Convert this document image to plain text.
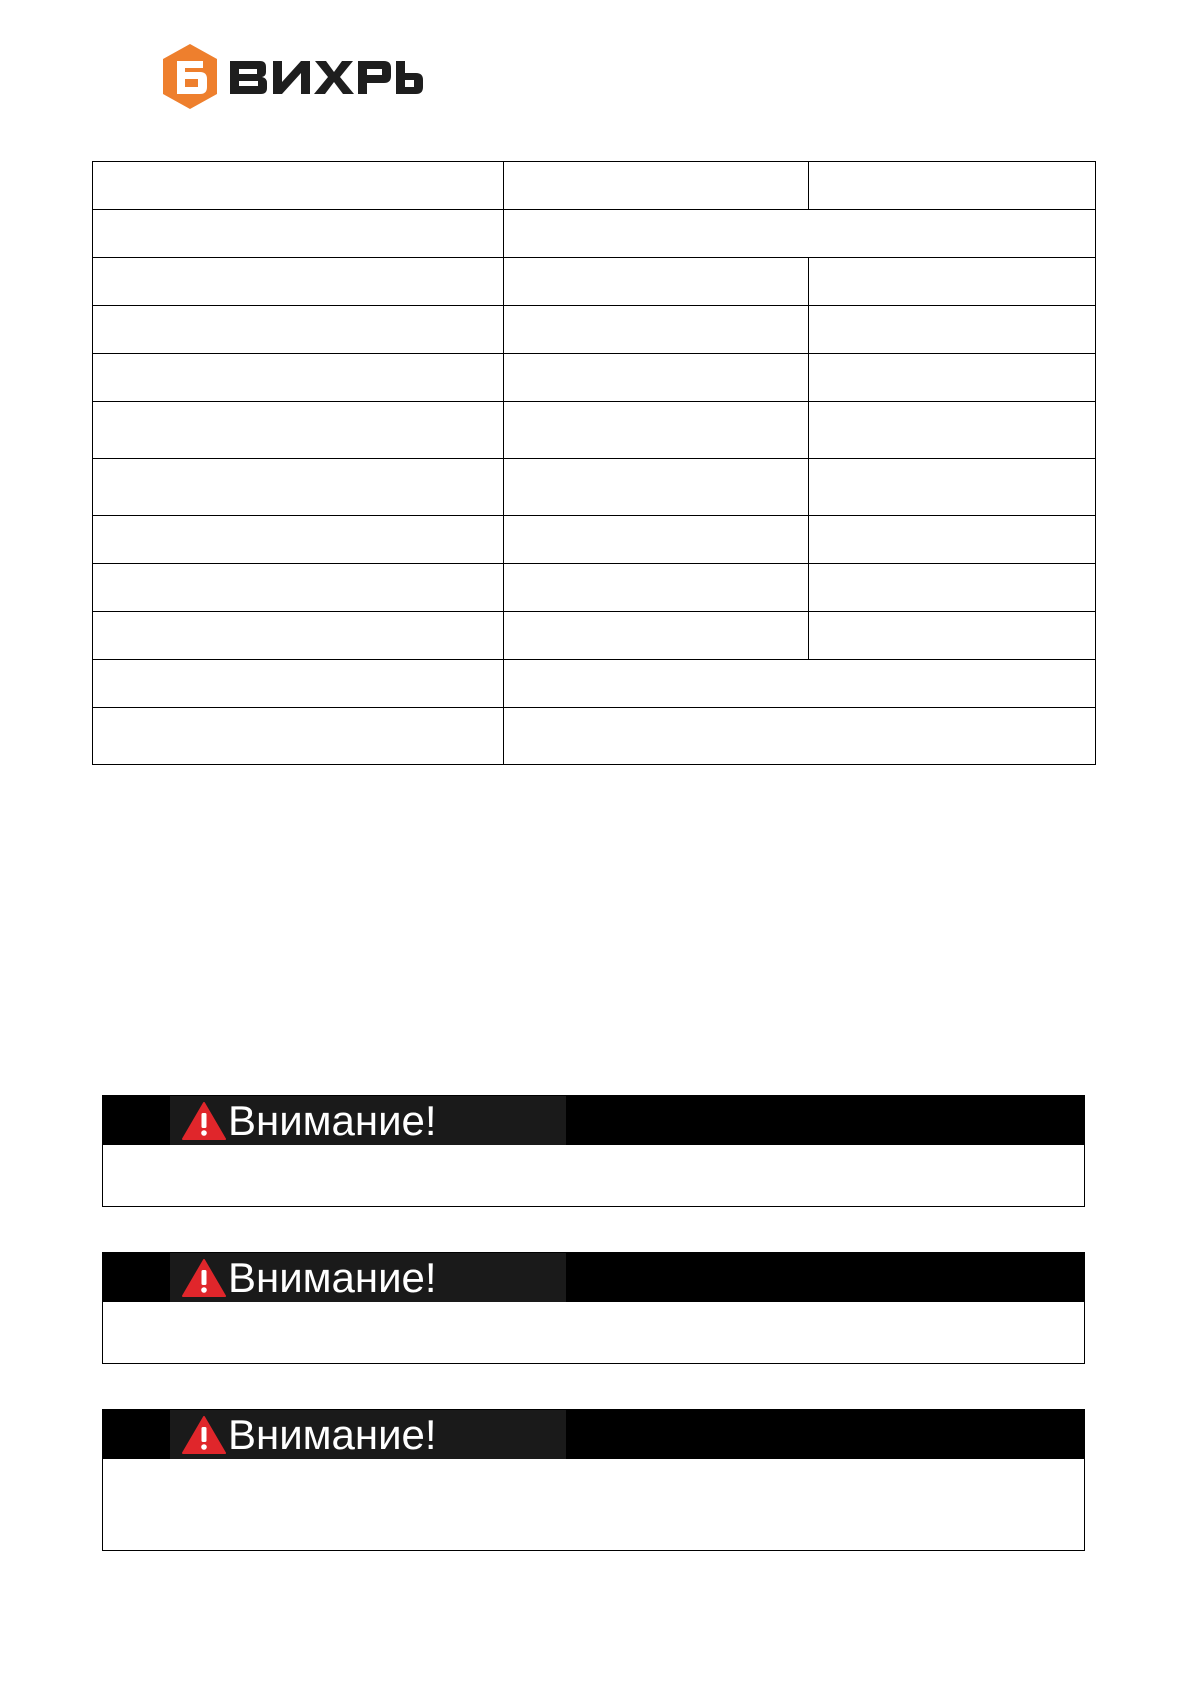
Внимание!
Внимание!
Внимание!
